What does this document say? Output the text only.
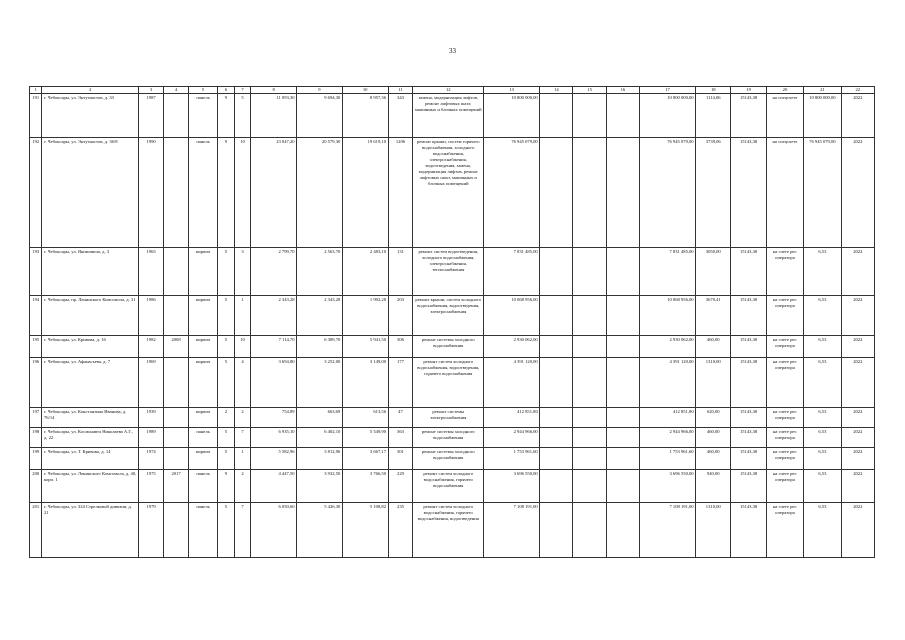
33
1	2	3	4	5	6	7	8	9	10	11	12	13	14	15	16	17	18	19	20	21	22
191	г. Чебоксары, ул. Энтузиастов, д. 33	1987		панель	9	5	11 093,30	9 694,30	8 957,36	343	замена, модернизация лифтов, ремонт лифтовых шахт, машинных и блочных помещений	10 800 000,00				10 800 000,00	1114,06	15143,38	на спецсчете	10 800 000,00	2022
192	г. Чебоксары, ул. Энтузиастов, д. 36/8	1990		панель	9	10	23 047,20	20 579,30	19 619,10	1206	ремонт крыши, систем горячего водоснабжения, холодного водоснабжения, электроснабжения, водоотведения, замена, модернизация лифтов, ремонт лифтовых шахт, машинных и блочных помещений	76 945 079,00				76 945 079,00	3739,06	15143,38	на спецсчете	76 945 079,00	2022
193	г. Чебоксары, ул. Якимовича, д. 3	1965		кирпич	5	3	2 799,70	2 563,70	2 483,10	131	ремонт систем водоотведения, холодного водоснабжения, электроснабжения, теплоснабжения	7 831 485,00				7 831 485,00	3050,00	15143,38	на счете рег. оператора	6,53	2022
194	г. Чебоксары, пр. Ленинского Комсомола, д. 31	1986		кирпич	5	1	2 343,28	2 343,28	1 992,28	203	ремонт крыши, систем холодного водоснабжения, водоотведения, электроснабжения	10 068 956,00				10 068 956,00	3670,41	15143,38	на счете рег. оператора	6,53	2022
195	г. Чебоксары, ул. Кривова, д. 16	1982	2008	кирпич	5	10	7 114,70	6 389,70	5 941,50	306	ремонт системы холодного водоснабжения	2 930 062,00				2 930 062,00	460,00	15143,38	на счете рег. оператора	6,53	2022
196	г. Чебоксары, ул. Афанасьева, д. 7	1969		кирпич	5	4	3 694,80	3 252,00	3 149,00	177	ремонт систем холодного водоснабжения, водоотведения, горячего водоснабжения	4 391 120,00				4 391 120,00	1310,00	15143,38	на счете рег. оператора	6,53	2022
197	г. Чебоксары, ул. Константина Иванова, д. 76/14	1939		кирпич	2	2	754,89	663,69	613,56	47	ремонт системы электроснабжения	412 851,80				412 851,80	620,00	15143,38	на счете рег. оператора	6,53	2022
198	г. Чебоксары, ул. Космонавта Николаева А.Г., д. 22	1989		панель	5	7	6 935,10	6 402,10	5 549,90	363	ремонт системы холодного водоснабжения	2 944 966,00				2 944 966,00	460,00	15143,38	на счете рег. оператора	6,53	2022
199	г. Чебоксары, ул. Т. Кривова, д. 14	1974		кирпич	5	1	5 582,96	3 812,96	3 667,17	301	ремонт системы холодного водоснабжения	1 753 961,60				1 753 961,60	460,00	15143,38	на счете рег. оператора	6,53	2022
200	г. Чебоксары, ул. Ленинского Комсомола, д. 40, корп. 1	1975	2017	панель	9	2	4 447,50	3 932,50	3 766,50	229	ремонт систем холодного водоснабжения, горячего водоснабжения	3 696 550,00				3 696 550,00	940,00	15143,38	на счете рег. оператора	6,53	2022
201	г. Чебоксары, ул. 324 Стрелковой дивизии, д. 21	1979		панель	5	7	6 050,60	5 426,30	5 108,82	235	ремонт систем холодного водоснабжения, горячего водоснабжения, водоотведения	7 108 191,00				7 108 191,00	1310,00	15143,38	на счете рег. оператора	6,53	2022
